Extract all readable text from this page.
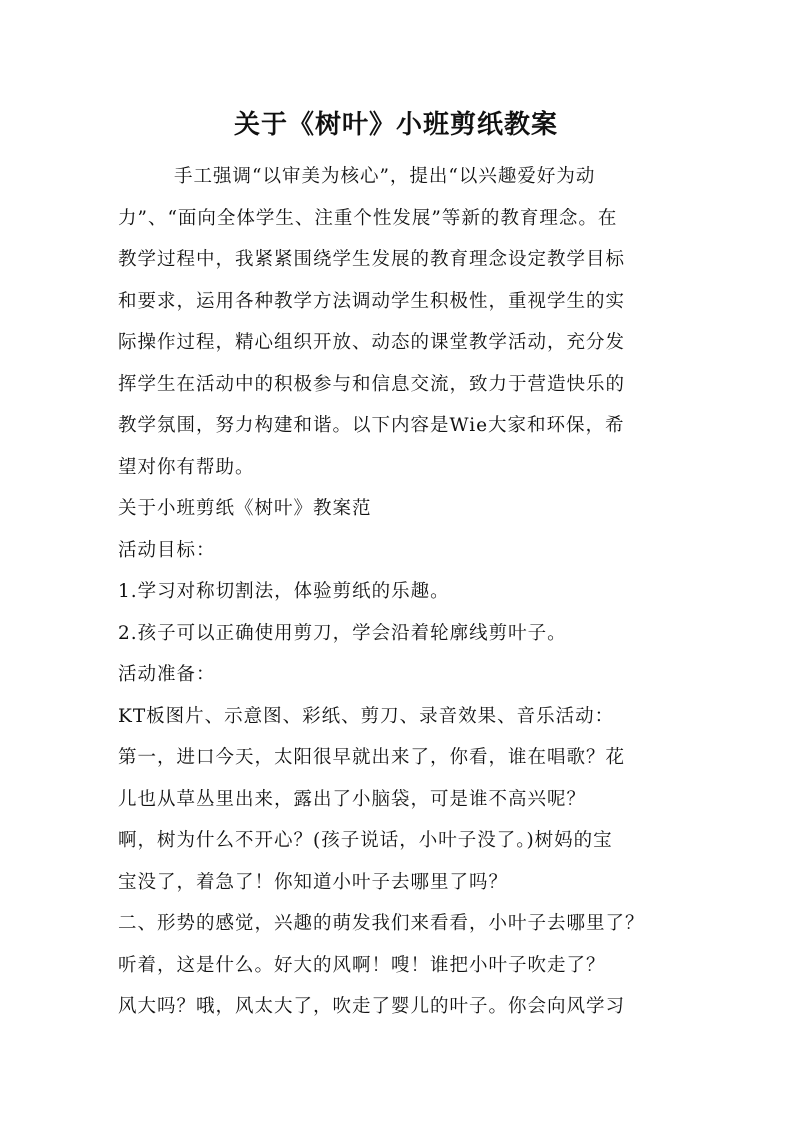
关于《树叶》小班剪纸教案

手工强调“以审美为核心”，提出“以兴趣爱好为动

力”、“面向全体学生、注重个性发展”等新的教育理念。在

教学过程中，我紧紧围绕学生发展的教育理念设定教学目标

和要求，运用各种教学方法调动学生积极性，重视学生的实

际操作过程，精心组织开放、动态的课堂教学活动，充分发

挥学生在活动中的积极参与和信息交流，致力于营造快乐的

教学氛围，努力构建和谐。以下内容是Wie大家和环保，希

望对你有帮助。

关于小班剪纸《树叶》教案范

活动目标：

1.学习对称切割法，体验剪纸的乐趣。

2.孩子可以正确使用剪刀，学会沿着轮廓线剪叶子。

活动准备：

KT板图片、示意图、彩纸、剪刀、录音效果、音乐活动：

第一，进口今天，太阳很早就出来了，你看，谁在唱歌？花

儿也从草丛里出来，露出了小脑袋，可是谁不高兴呢？

啊，树为什么不开心？(孩子说话，小叶子没了。)树妈的宝

宝没了，着急了！你知道小叶子去哪里了吗？

二、形势的感觉，兴趣的萌发我们来看看，小叶子去哪里了？

听着，这是什么。好大的风啊！嗖！谁把小叶子吹走了？

风大吗？哦，风太大了，吹走了婴儿的叶子。你会向风学习
